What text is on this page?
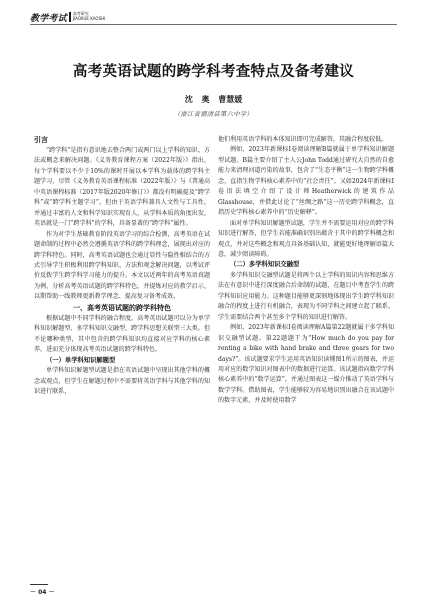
教学考试高考研究
JIAOXUE KAOSHI
高考英语试题的跨学科考查特点及备考建议
沈 奥 曹慧媛
（浙江省德清县第六中学）
引言

“跨学科”是指有意识地去整合两门或两门以上学科的知识、方法或概念来解决问题。《义务教育课程方案（2022年版）》指出，每个学科要以不少于10%的课时开展以本学科为载体的跨学科主题学习。尽管《义务教育英语课程标准（2022年版）》与《普通高中英语课程标准（2017年版2020年修订）》都没有明确提及“跨学科”或“跨学科主题学习”，但由于英语学科兼具人文性与工具性，并通过丰富的人文和科学知识实现育人，从学科本质的角度出发，英语就是一门“跨学科”的学科，具备显著的“跨学科”属性。

作为对学生基础教育阶段英语学习的综合检测，高考英语在试题命制的过程中必然会遵循英语学科的跨学科理念，展现出对应的跨学科特色。同时，高考英语试题也会通过显性与隐性相结合的方式引导学生积极利用跨学科知识、方法和观念解决问题，以考试评价反拨学生跨学科学习能力的提升。本文以近两年的高考英语真题为例，分析高考英语试题的跨学科特色，并提炼对应的教学启示，以期帮助一线教师更新教学理念、提高复习备考成效。

一、高考英语试题的跨学科特色

根据试题中不同学科的融合程度，高考英语试题可以分为单学科知识解题型、多学科知识交融型、跨学科思想关联型三大类。但不论哪种类型，其中包含的跨学科知识均直接对应学科的核心素养，进而充分体现高考英语试题的跨学科特色。

（一）单学科知识解题型

单学科知识解题型试题是指在英语试题中呈现出其他学科的概念或观点，但学生在解题过程中不需要将英语学科与其他学科的知识进行联系，

他们利用英语学科的本体知识即可完成解答，其融合程度较低。

例如，2023年新课标Ⅰ卷阅读理解B篇就属于单学科知识解题型试题。B篇主要介绍了主人公John Todd通过研究大自然的自愈能力来清理河道污染的故事，包含了“生态平衡”这一生物跨学科概念，直指生物学科核心素养中的“社会责任”。又如2024年新课标Ⅰ卷语法填空介绍了设计师Heatherwick的建筑作品Glasshouse，并借此讨论了“丝绸之路”这一历史跨学科概念，直指历史学科核心素养中的“历史解释”。

面对单学科知识解题型试题，学生并不需要运用对应的跨学科知识进行解答，但学生若能准确识别出蕴含于其中的跨学科概念和观点，并对这些概念和观点具备基础认知，就能更好地理解语篇大意，减少阅读障碍。

（二）多学科知识交融型

多学科知识交融型试题是将两个以上学科的知识内容和思维方法在有意识中进行深度融合后命制的试题，在题目中考查学生的跨学科知识应用能力。这种题目能够更深刻地体现出学生跨学科知识融合的程度上进行有机融合，表现为不同学科之间建立起了联系，学生需要结合两个甚至多个学科的知识进行解答。

例如，2023年新课标Ⅰ卷阅读理解A篇第22题就属于多学科知识交融型试题。第22题题干为“How much do you pay for renting a bike with hand brake and three gears for two days?”。该试题要求学生运用英语知识读懂图1所示的图表，并运用对应的数学知识对图表中的数据进行运算。该试题指向数学学科核心素养中的“数学运算”，并通过图表这一媒介推动了英语学科与数学学科。借助图表，学生能够较为容易地识别出融合在该试题中的数字元素，并及时使用数学

－ 04 －
